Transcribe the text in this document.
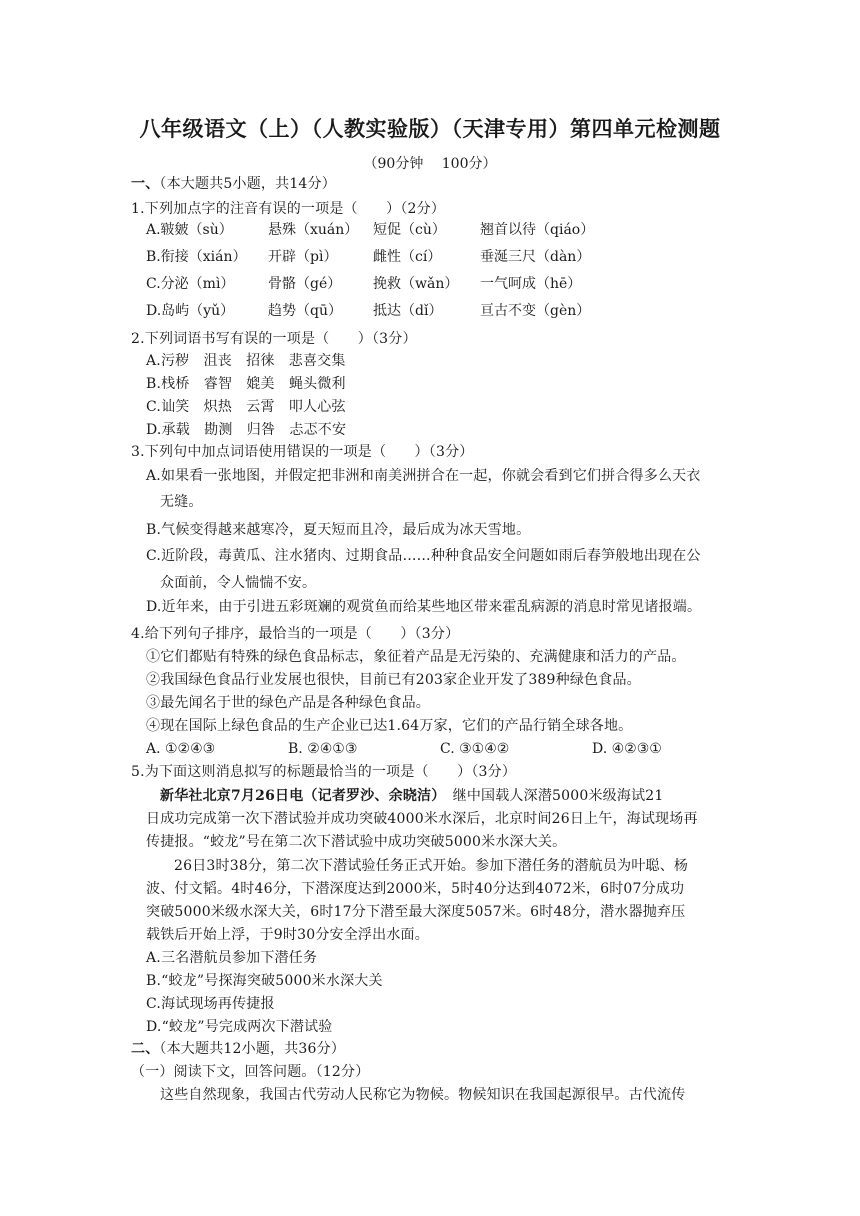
八年级语文（上）（人教实验版）（天津专用）第四单元检测题
（90分钟　 100分）
一、（本大题共5小题，共14分）
1.下列加点字的注音有误的一项是（　　）（2分）
A.皲皴（sù）	悬殊（xuán） 短促（cù） 翘首以待（qiáo）
B.衔接（xián） 开辟（pì）	雌性（cí）	垂涎三尺（dàn）
C.分泌（mì） 骨骼（gé） 挽救（wǎn） 一气呵成（hē）
D.岛屿（yǔ） 趋势（qū） 抵达（dǐ）	亘古不变（gèn）
2.下列词语书写有误的一项是（　　）（3分）
A.污秽　沮丧　招徕　悲喜交集
B.栈桥　睿智　媲美　蝇头微利
C.讪笑　炽热　云霄　叩人心弦
D.承载　勘测　归咎　忐忑不安
3.下列句中加点词语使用错误的一项是（　　）（3分）
A.如果看一张地图，并假定把非洲和南美洲拼合在一起，你就会看到它们拼合得多么天衣
无缝。
B.气候变得越来越寒冷，夏天短而且冷，最后成为冰天雪地。
C.近阶段，毒黄瓜、注水猪肉、过期食品……种种食品安全问题如雨后春笋般地出现在公
众面前，令人惴惴不安。
D.近年来，由于引进五彩斑斓的观赏鱼而给某些地区带来霍乱病源的消息时常见诸报端。
4.给下列句子排序，最恰当的一项是（　　）（3分）
①它们都贴有特殊的绿色食品标志，象征着产品是无污染的、充满健康和活力的产品。
②我国绿色食品行业发展也很快，目前已有203家企业开发了389种绿色食品。
③最先闻名于世的绿色产品是各种绿色食品。
④现在国际上绿色食品的生产企业已达1.64万家，它们的产品行销全球各地。
A. ①②④③	B. ②④①③	C. ③①④②	D. ④②③①
5.为下面这则消息拟写的标题最恰当的一项是（　　）（3分）
新华社北京7月26日电（记者罗沙、余晓洁）　继中国载人深潜5000米级海试21
日成功完成第一次下潜试验并成功突破4000米水深后，北京时间26日上午，海试现场再
传捷报。“蛟龙”号在第二次下潜试验中成功突破5000米水深大关。
26日3时38分，第二次下潜试验任务正式开始。参加下潜任务的潜航员为叶聪、杨
波、付文韬。4时46分，下潜深度达到2000米，5时40分达到4072米，6时07分成功
突破5000米级水深大关，6时17分下潜至最大深度5057米。6时48分，潜水器抛弃压
载铁后开始上浮，于9时30分安全浮出水面。
A.三名潜航员参加下潜任务
B.“蛟龙”号探海突破5000米水深大关
C.海试现场再传捷报
D.“蛟龙”号完成两次下潜试验
二、（本大题共12小题，共36分）
（一）阅读下文，回答问题。（12分）
这些自然现象，我国古代劳动人民称它为物候。物候知识在我国起源很早。古代流传
